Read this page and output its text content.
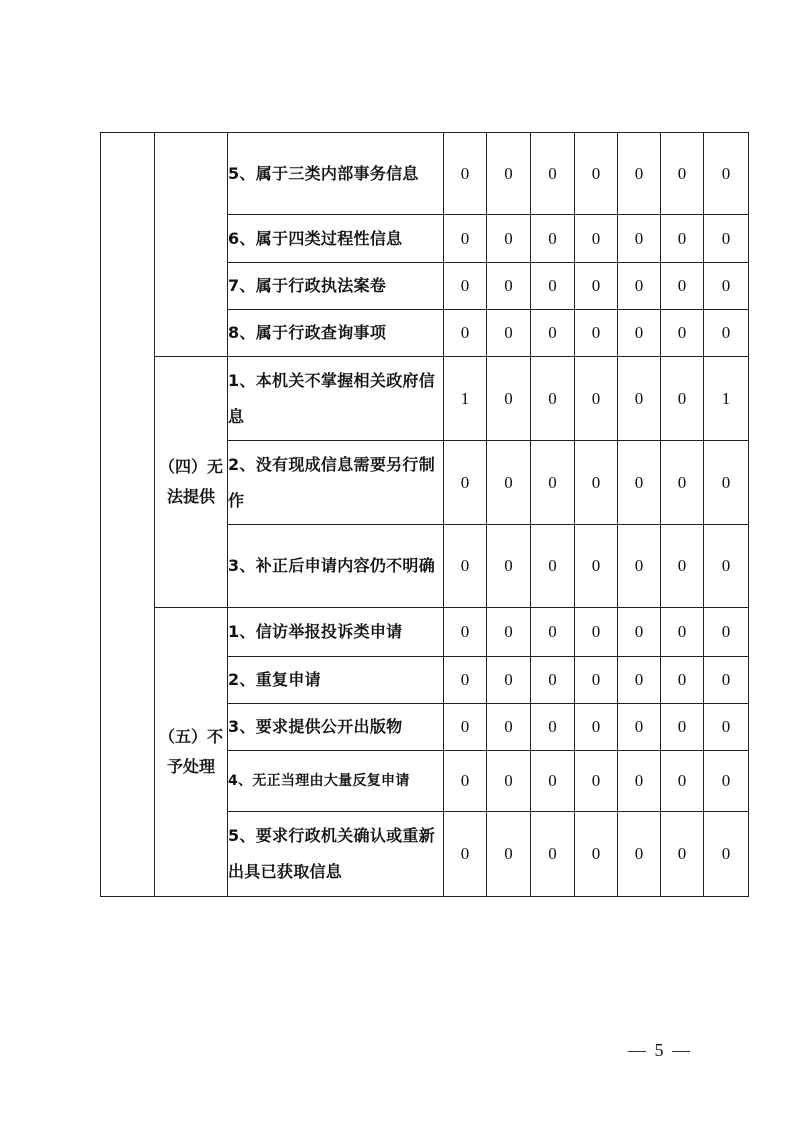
		5、属于三类内部事务信息	0	0	0	0	0	0	0
		6、属于四类过程性信息	0	0	0	0	0	0	0
		7、属于行政执法案卷	0	0	0	0	0	0	0
		8、属于行政查询事项	0	0	0	0	0	0	0
	（四）无法提供	1、本机关不掌握相关政府信息	1	0	0	0	0	0	1
		2、没有现成信息需要另行制作	0	0	0	0	0	0	0
		3、补正后申请内容仍不明确	0	0	0	0	0	0	0
	（五）不予处理	1、信访举报投诉类申请	0	0	0	0	0	0	0
		2、重复申请	0	0	0	0	0	0	0
		3、要求提供公开出版物	0	0	0	0	0	0	0
		4、无正当理由大量反复申请	0	0	0	0	0	0	0
		5、要求行政机关确认或重新出具已获取信息	0	0	0	0	0	0	0
— 5 —
